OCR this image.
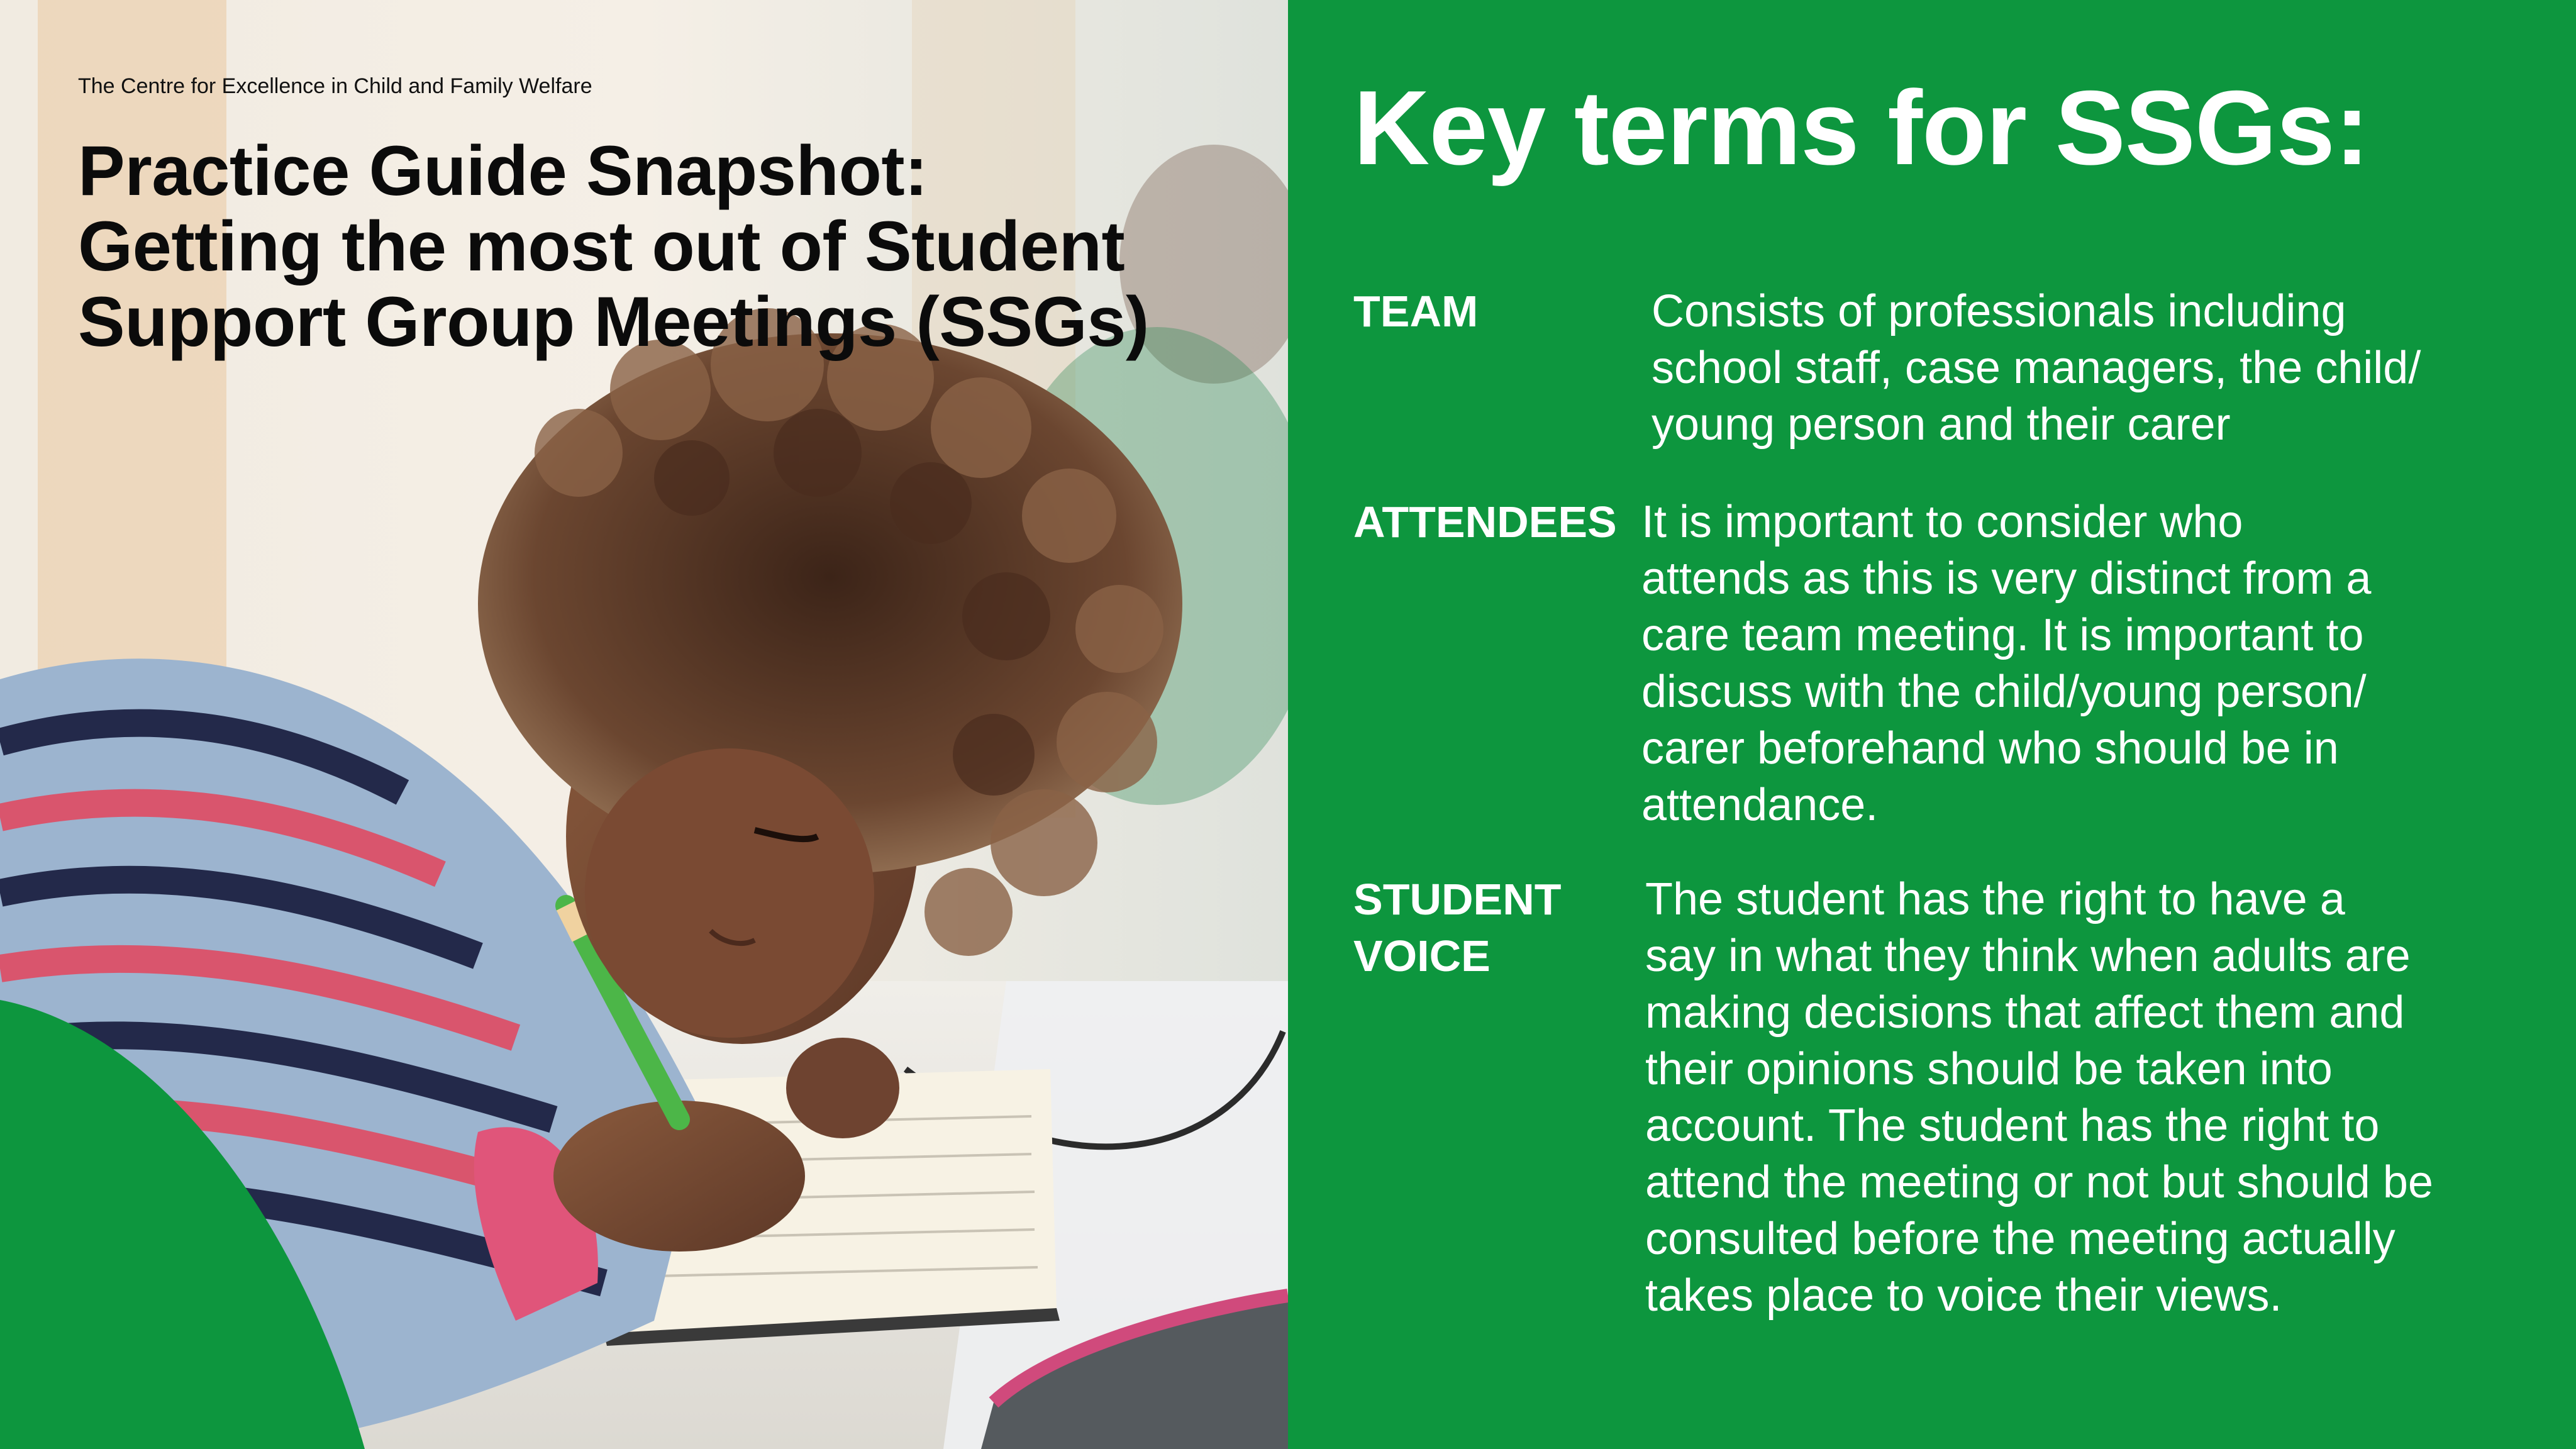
The Centre for Excellence in Child and Family Welfare
Practice Guide Snapshot:
Getting the most out of Student
Support Group Meetings (SSGs)
Key terms for SSGs:
TEAM	Consists of professionals including
school staff, case managers, the child/
young person and their carer
ATTENDEES It is important to consider who
attends as this is very distinct from a
care team meeting. It is important to
discuss with the child/young person/
carer beforehand who should be in
attendance.
STUDENT
VOICE
The student has the right to have a
say in what they think when adults are
making decisions that affect them and
their opinions should be taken into
account. The student has the right to
attend the meeting or not but should be
consulted before the meeting actually
takes place to voice their views.
